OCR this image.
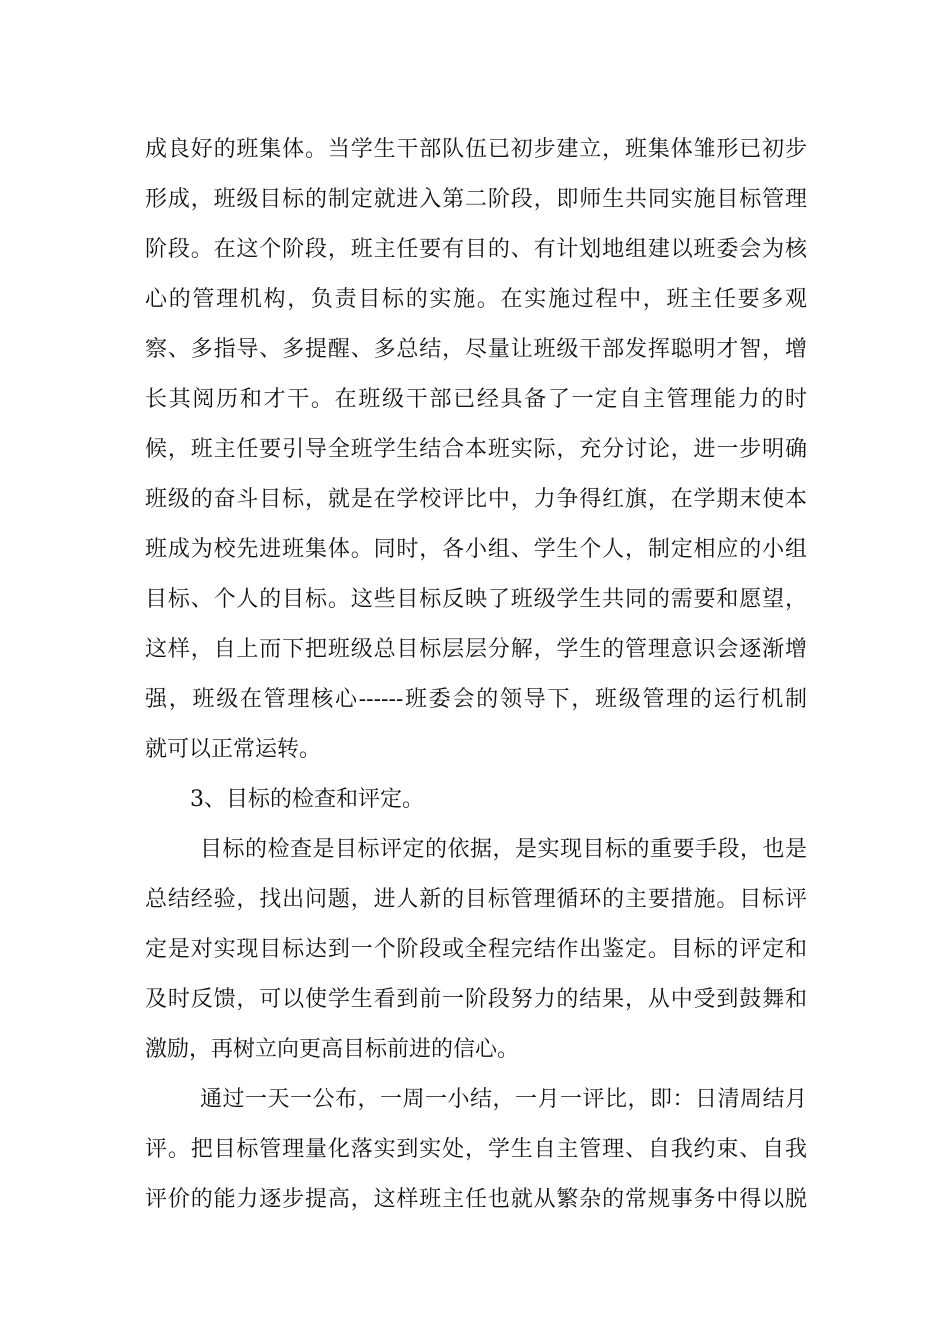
成良好的班集体。当学生干部队伍已初步建立，班集体雏形已初步
形成，班级目标的制定就进入第二阶段，即师生共同实施目标管理
阶段。在这个阶段，班主任要有目的、有计划地组建以班委会为核
心的管理机构，负责目标的实施。在实施过程中，班主任要多观
察、多指导、多提醒、多总结，尽量让班级干部发挥聪明才智，增
长其阅历和才干。在班级干部已经具备了一定自主管理能力的时
候，班主任要引导全班学生结合本班实际，充分讨论，进一步明确
班级的奋斗目标，就是在学校评比中，力争得红旗，在学期末使本
班成为校先进班集体。同时，各小组、学生个人，制定相应的小组
目标、个人的目标。这些目标反映了班级学生共同的需要和愿望，
这样，自上而下把班级总目标层层分解，学生的管理意识会逐渐增
强，班级在管理核心------班委会的领导下，班级管理的运行机制
就可以正常运转。
3、目标的检查和评定。
目标的检查是目标评定的依据，是实现目标的重要手段，也是
总结经验，找出问题，进人新的目标管理循环的主要措施。目标评
定是对实现目标达到一个阶段或全程完结作出鉴定。目标的评定和
及时反馈，可以使学生看到前一阶段努力的结果，从中受到鼓舞和
激励，再树立向更高目标前进的信心。
通过一天一公布，一周一小结，一月一评比，即：日清周结月
评。把目标管理量化落实到实处，学生自主管理、自我约束、自我
评价的能力逐步提高，这样班主任也就从繁杂的常规事务中得以脱
